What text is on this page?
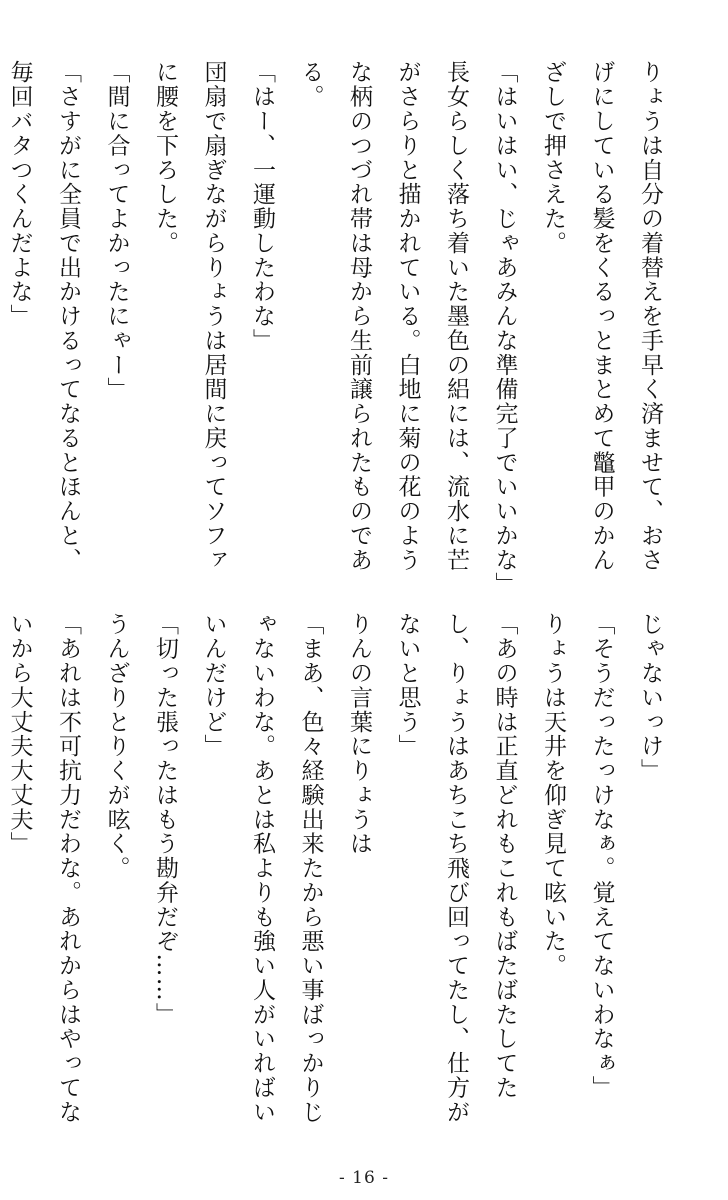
りょうは自分の着替えを手早く済ませて、おさげにしている髪をくるっとまとめて鼈甲のかんざしで押さえた。

「はいはい、じゃあみんな準備完了でいいかな」

長女らしく落ち着いた墨色の絽には、流水に芒がさらりと描かれている。白地に菊の花のような柄のつづれ帯は母から生前譲られたものである。

「はー、一運動したわな」

団扇で扇ぎながらりょうは居間に戻ってソファに腰を下ろした。

「間に合ってよかったにゃー」

「さすがに全員で出かけるってなるとほんと、毎回バタつくんだよな」

じゃないっけ」

「そうだったっけなぁ。覚えてないわなぁ」

りょうは天井を仰ぎ見て呟いた。

「あの時は正直どれもこれもばたばたしてたし、りょうはあちこち飛び回ってたし、仕方がないと思う」

りんの言葉にりょうは

「まあ、色々経験出来たから悪い事ばっかりじゃないわな。あとは私よりも強い人がいればいいんだけど」

「切った張ったはもう勘弁だぞ……」

うんざりとりくが呟く。

「あれは不可抗力だわな。あれからはやってないから大丈夫大丈夫」

- 16 -
